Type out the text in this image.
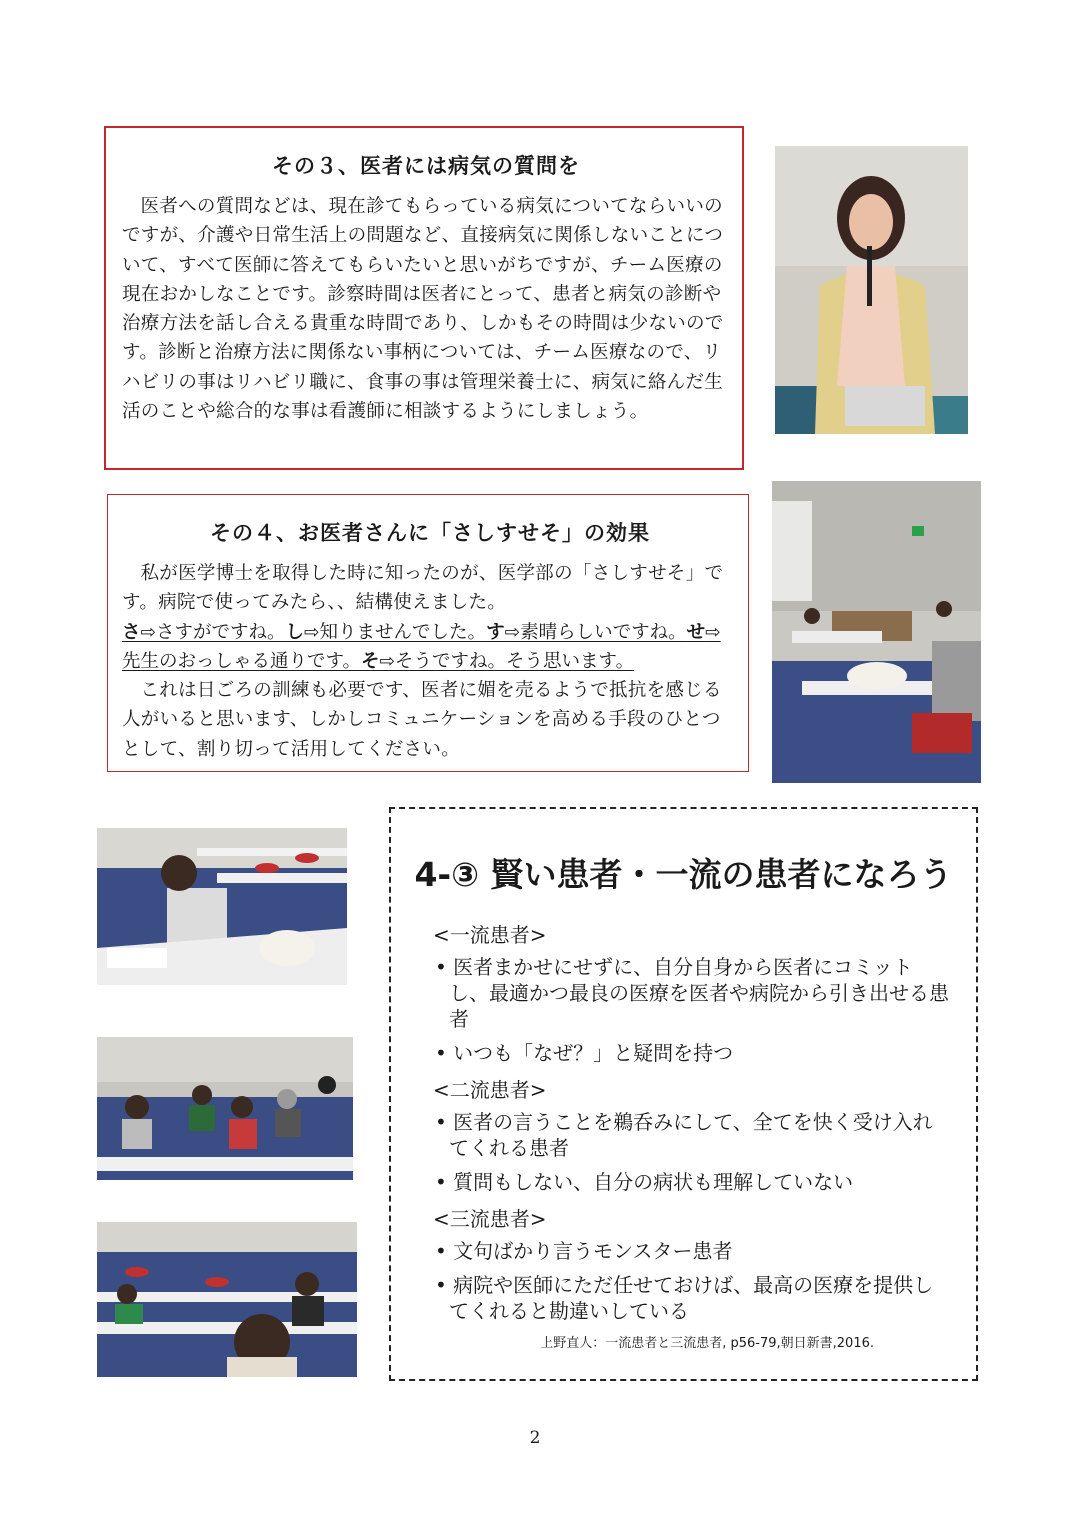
その３、医者には病気の質問を

医者への質問などは、現在診てもらっている病気についてならいいのですが、介護や日常生活上の問題など、直接病気に関係しないことについて、すべて医師に答えてもらいたいと思いがちですが、チーム医療の現在おかしなことです。診察時間は医者にとって、患者と病気の診断や治療方法を話し合える貴重な時間であり、しかもその時間は少ないのです。診断と治療方法に関係ない事柄については、チーム医療なので、リハビリの事はリハビリ職に、食事の事は管理栄養士に、病気に絡んだ生活のことや総合的な事は看護師に相談するようにしましょう。

その４、お医者さんに「さしすせそ」の効果

私が医学博士を取得した時に知ったのが、医学部の「さしすせそ」です。病院で使ってみたら、、結構使えました。

さ⇨さすがですね。し⇨知りませんでした。す⇨素晴らしいですね。せ⇨先生のおっしゃる通りです。そ⇨そうですね。そう思います。

これは日ごろの訓練も必要です、医者に媚を売るようで抵抗を感じる人がいると思います、しかしコミュニケーションを高める手段のひとつとして、割り切って活用してください。

4-③ 賢い患者・一流の患者になろう
<一流患者>
• 医者まかせにせずに、自分自身から医者にコミットし、最適かつ最良の医療を医者や病院から引き出せる患者
• いつも「なぜ？」と疑問を持つ
<二流患者>
• 医者の言うことを鵜呑みにして、全てを快く受け入れてくれる患者
• 質問もしない、自分の病状も理解していない
<三流患者>
• 文句ばかり言うモンスター患者
• 病院や医師にただ任せておけば、最高の医療を提供してくれると勘違いしている
上野直人：一流患者と三流患者, p56-79,朝日新書,2016.
2
